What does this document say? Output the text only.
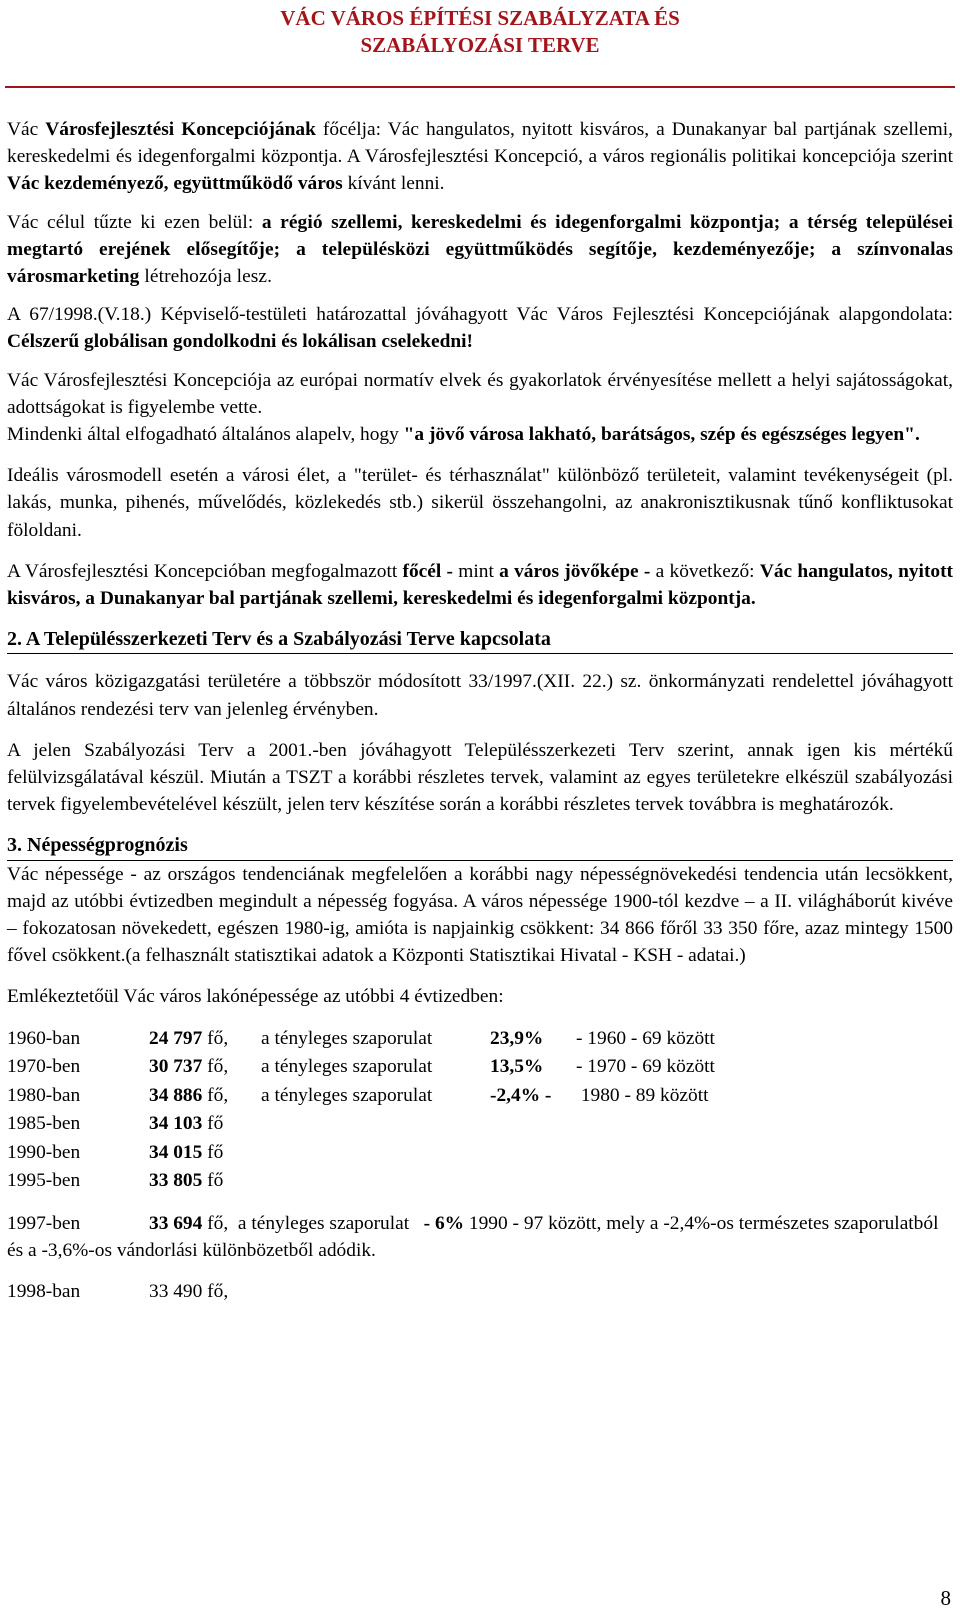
VÁC VÁROS ÉPÍTÉSI SZABÁLYZATA ÉS
SZABÁLYOZÁSI TERVE

Vác Városfejlesztési Koncepciójának főcélja: Vác hangulatos, nyitott kisváros, a Dunakanyar bal partjának szellemi, kereskedelmi és idegenforgalmi központja. A Városfejlesztési Koncepció, a város regionális politikai koncepciója szerint Vác kezdeményező, együttműködő város kívánt lenni.

Vác célul tűzte ki ezen belül: a régió szellemi, kereskedelmi és idegenforgalmi központja; a térség települései megtartó erejének elősegítője; a településközi együttműködés segítője, kezdeményezője; a színvonalas városmarketing létrehozója lesz.

A 67/1998.(V.18.) Képviselő-testületi határozattal jóváhagyott Vác Város Fejlesztési Koncepciójának alapgondolata: Célszerű globálisan gondolkodni és lokálisan cselekedni!

Vác Városfejlesztési Koncepciója az európai normatív elvek és gyakorlatok érvényesítése mellett a helyi sajátosságokat, adottságokat is figyelembe vette.

Mindenki által elfogadható általános alapelv, hogy "a jövő városa lakható, barátságos, szép és egészséges legyen".

Ideális városmodell esetén a városi élet, a "terület- és térhasználat" különböző területeit, valamint tevékenységeit (pl. lakás, munka, pihenés, művelődés, közlekedés stb.) sikerül összehangolni, az anakronisztikusnak tűnő konfliktusokat föloldani.

A Városfejlesztési Koncepcióban megfogalmazott főcél - mint a város jövőképe - a következő: Vác hangulatos, nyitott kisváros, a Dunakanyar bal partjának szellemi, kereskedelmi és idegenforgalmi központja.

2. A Településszerkezeti Terv és a Szabályozási Terve kapcsolata

Vác város közigazgatási területére a többször módosított 33/1997.(XII. 22.) sz. önkormányzati rendelettel jóváhagyott általános rendezési terv van jelenleg érvényben.

A jelen Szabályozási Terv a 2001.-ben jóváhagyott Településszerkezeti Terv szerint, annak igen kis mértékű felülvizsgálatával készül. Miután a TSZT a korábbi részletes tervek, valamint az egyes területekre elkészül szabályozási tervek figyelembevételével készült, jelen terv készítése során a korábbi részletes tervek továbbra is meghatározók.

3. Népességprognózis

Vác népessége - az országos tendenciának megfelelően a korábbi nagy népességnövekedési tendencia után lecsökkent, majd az utóbbi évtizedben megindult a népesség fogyása. A város népessége 1900-tól kezdve – a II. világháborút kivéve – fokozatosan növekedett, egészen 1980-ig, amióta is napjainkig csökkent: 34 866 főről 33 350 főre, azaz mintegy 1500 fővel csökkent.(a felhasznált statisztikai adatok a Központi Statisztikai Hivatal - KSH - adatai.)

Emlékeztetőül Vác város lakónépessége az utóbbi 4 évtizedben:

1960-ban	24 797 fő,	a tényleges szaporulat	23,9%	- 1960 - 69 között
1970-ben	30 737 fő,	a tényleges szaporulat	13,5%	- 1970 - 69 között
1980-ban	34 886 fő,	a tényleges szaporulat	-2,4% -	1980 - 89 között
1985-ben	34 103 fő			
1990-ben	34 015 fő			
1995-ben	33 805 fő			

1997-ben	33 694 fő, a tényleges szaporulat - 6% 1990 - 97 között, mely a -2,4%-os természetes szaporulatból és a -3,6%-os vándorlási különbözetből adódik.

1998-ban	33 490 fő,

8
